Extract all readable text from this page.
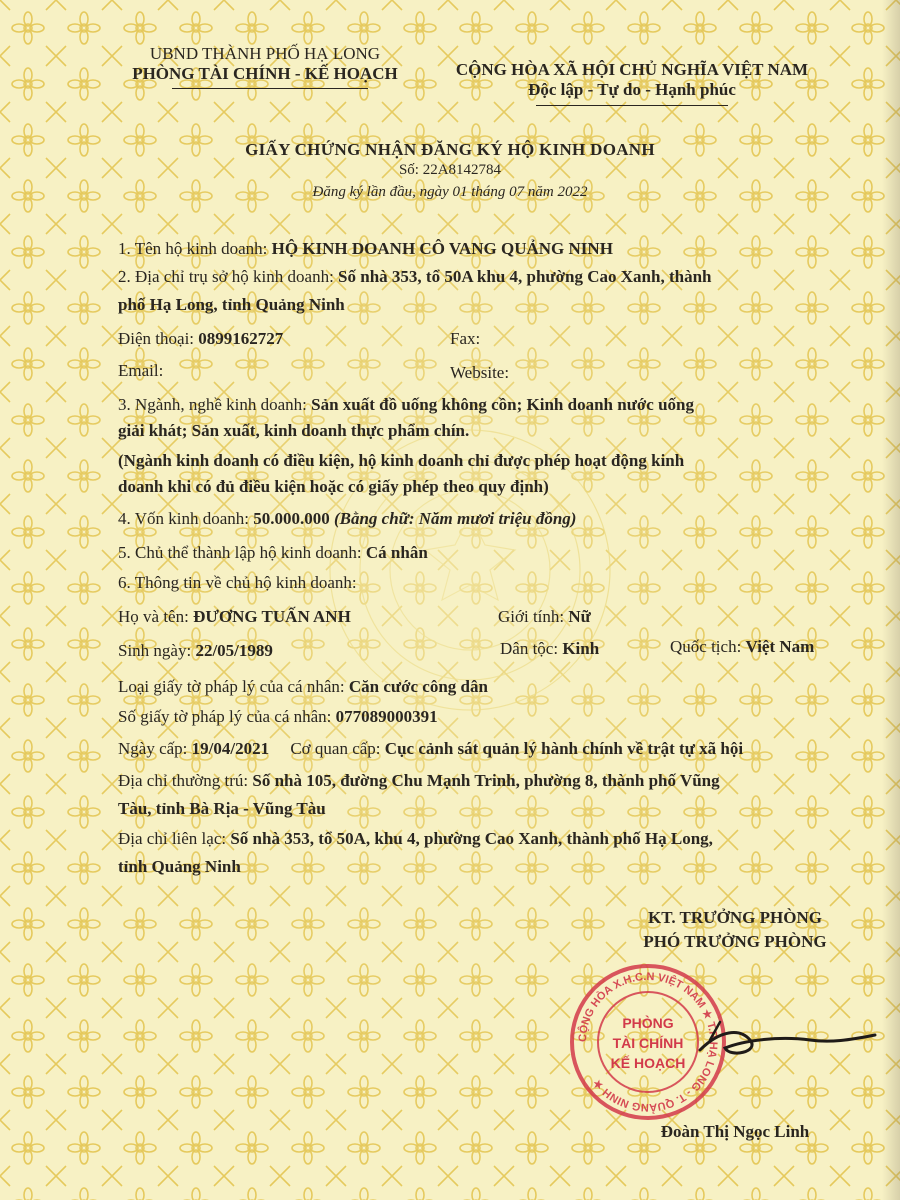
UBND THÀNH PHỐ HẠ LONG
PHÒNG TÀI CHÍNH - KẾ HOẠCH	CỘNG HÒA XÃ HỘI CHỦ NGHĨA VIỆT NAM
Độc lập - Tự do - Hạnh phúc
GIẤY CHỨNG NHẬN ĐĂNG KÝ HỘ KINH DOANH
Số: 22A8142784
Đăng ký lần đầu, ngày 01 tháng 07 năm 2022
1. Tên hộ kinh doanh: HỘ KINH DOANH CÔ VANG QUẢNG NINH
2. Địa chỉ trụ sở hộ kinh doanh: Số nhà 353, tổ 50A khu 4, phường Cao Xanh, thành
phố Hạ Long, tỉnh Quảng Ninh
Điện thoại: 0899162727	Fax:
Email:	Website:
3. Ngành, nghề kinh doanh: Sản xuất đồ uống không cồn; Kinh doanh nước uống
giải khát; Sản xuất, kinh doanh thực phẩm chín.
(Ngành kinh doanh có điều kiện, hộ kinh doanh chỉ được phép hoạt động kinh
doanh khi có đủ điều kiện hoặc có giấy phép theo quy định)
4. Vốn kinh doanh: 50.000.000 (Bằng chữ: Năm mươi triệu đồng)
5. Chủ thể thành lập hộ kinh doanh: Cá nhân
6. Thông tin về chủ hộ kinh doanh:
Họ và tên: ĐƯƠNG TUẤN ANH	Giới tính: Nữ
Sinh ngày: 22/05/1989	Dân tộc: Kinh	Quốc tịch: Việt Nam
Loại giấy tờ pháp lý của cá nhân: Căn cước công dân
Số giấy tờ pháp lý của cá nhân: 077089000391
Ngày cấp: 19/04/2021 Cơ quan cấp: Cục cảnh sát quản lý hành chính về trật tự xã hội
Địa chỉ thường trú: Số nhà 105, đường Chu Mạnh Trinh, phường 8, thành phố Vũng
Tàu, tỉnh Bà Rịa - Vũng Tàu
Địa chỉ liên lạc: Số nhà 353, tổ 50A, khu 4, phường Cao Xanh, thành phố Hạ Long,
tỉnh Quảng Ninh
KT. TRƯỞNG PHÒNG
PHÓ TRƯỞNG PHÒNG
CỘNG HÒA X.H.C.N VIỆT NAM ★ T.P HẠ LONG - T. QUẢNG NINH ★
PHÒNG
TÀI CHÍNH
KẾ HOẠCH
Đoàn Thị Ngọc Linh
